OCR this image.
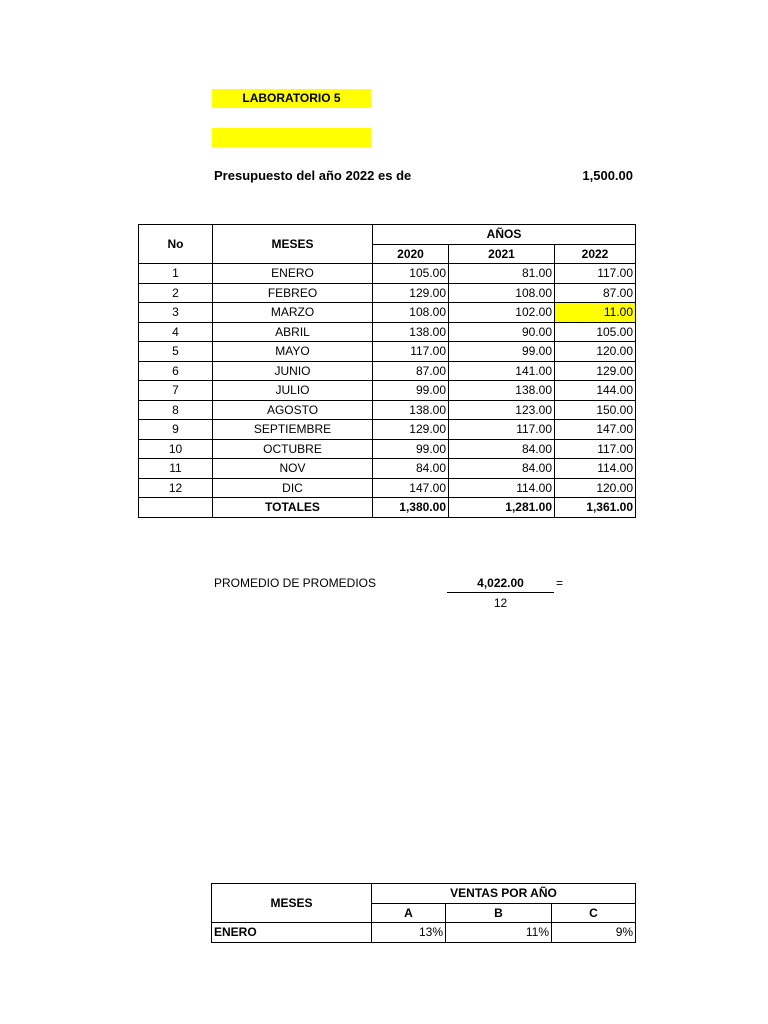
LABORATORIO 5
Presupuesto del año 2022 es de	1,500.00
No	MESES	AÑOS		
		2020	2021	2022
1	ENERO	105.00	81.00	117.00
2	FEBREO	129.00	108.00	87.00
3	MARZO	108.00	102.00	11.00
4	ABRIL	138.00	90.00	105.00
5	MAYO	117.00	99.00	120.00
6	JUNIO	87.00	141.00	129.00
7	JULIO	99.00	138.00	144.00
8	AGOSTO	138.00	123.00	150.00
9	SEPTIEMBRE	129.00	117.00	147.00
10	OCTUBRE	99.00	84.00	117.00
11	NOV	84.00	84.00	114.00
12	DIC	147.00	114.00	120.00
	TOTALES	1,380.00	1,281.00	1,361.00
PROMEDIO DE PROMEDIOS	4,022.00	=
12
MESES	VENTAS POR AÑO		
	A	B	C
ENERO	13%	11%	9%
